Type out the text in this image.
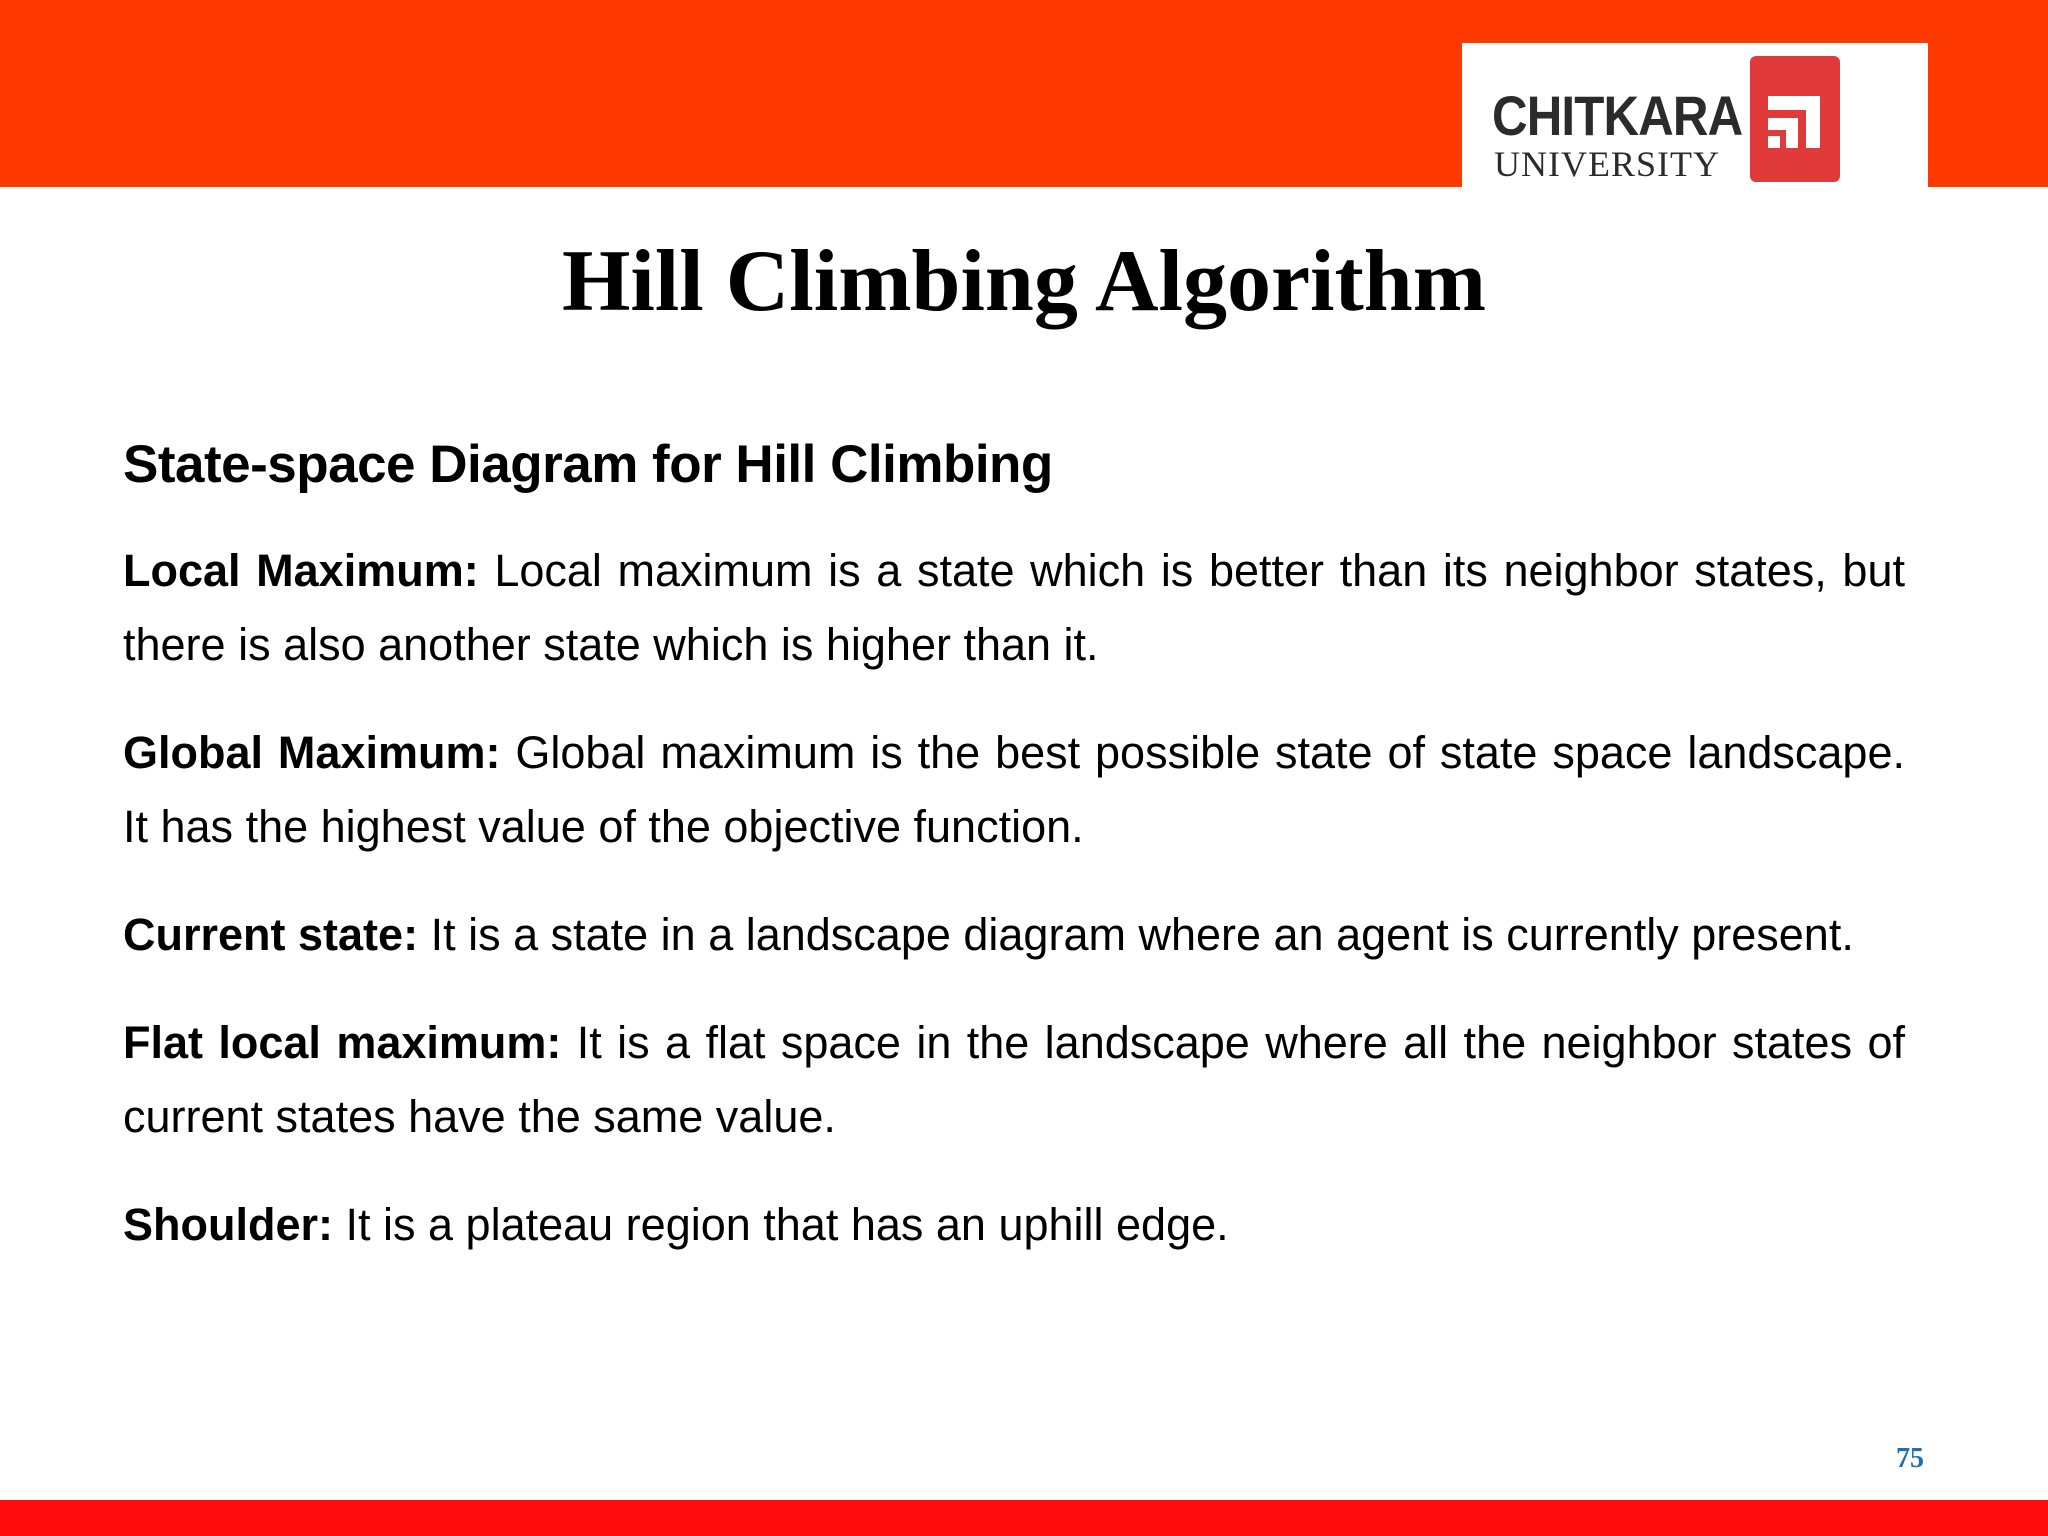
CHITKARA
UNIVERSITY
Hill Climbing Algorithm
State-space Diagram for Hill Climbing

Local Maximum: Local maximum is a state which is better than its neighbor states, but there is also another state which is higher than it.

Global Maximum: Global maximum is the best possible state of state space landscape. It has the highest value of the objective function.

Current state: It is a state in a landscape diagram where an agent is currently present.

Flat local maximum: It is a flat space in the landscape where all the neighbor states of current states have the same value.

Shoulder: It is a plateau region that has an uphill edge.

75
